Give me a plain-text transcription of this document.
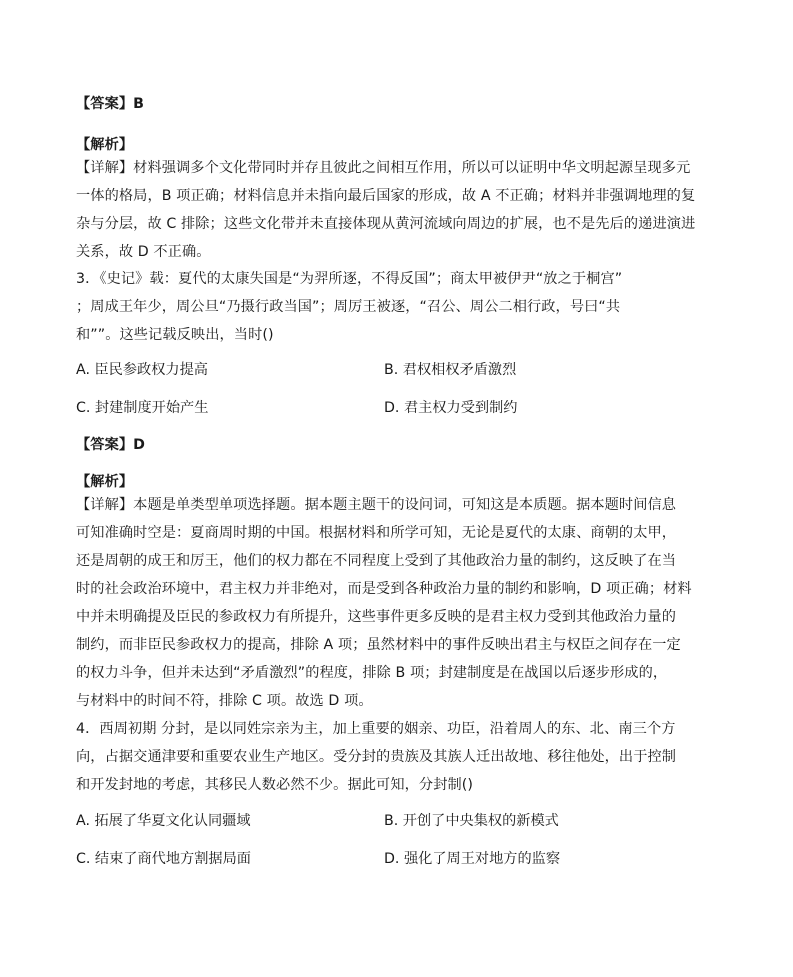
【答案】B
【解析】
【详解】材料强调多个文化带同时并存且彼此之间相互作用，所以可以证明中华文明起源呈现多元
一体的格局，B 项正确；材料信息并未指向最后国家的形成，故 A 不正确；材料并非强调地理的复
杂与分层，故 C 排除；这些文化带并未直接体现从黄河流域向周边的扩展，也不是先后的递进演进
关系，故 D 不正确。
3．《史记》载：夏代的太康失国是“为羿所逐，不得反国”；商太甲被伊尹“放之于桐宫”
；周成王年少，周公旦“乃摄行政当国”；周厉王被逐，“召公、周公二相行政，号曰“共
和””。这些记载反映出，当时()
A. 臣民参政权力提高	B. 君权相权矛盾激烈
C. 封建制度开始产生	D. 君主权力受到制约
【答案】D
【解析】
【详解】本题是单类型单项选择题。据本题主题干的设问词，可知这是本质题。据本题时间信息
可知准确时空是：夏商周时期的中国。根据材料和所学可知，无论是夏代的太康、商朝的太甲，
还是周朝的成王和厉王，他们的权力都在不同程度上受到了其他政治力量的制约，这反映了在当
时的社会政治环境中，君主权力并非绝对，而是受到各种政治力量的制约和影响，D 项正确；材料
中并未明确提及臣民的参政权力有所提升，这些事件更多反映的是君主权力受到其他政治力量的
制约，而非臣民参政权力的提高，排除 A 项；虽然材料中的事件反映出君主与权臣之间存在一定
的权力斗争，但并未达到“矛盾激烈”的程度，排除 B 项；封建制度是在战国以后逐步形成的，
与材料中的时间不符，排除 C 项。故选 D 项。
4．西周初期 分封，是以同姓宗亲为主，加上重要的姻亲、功臣，沿着周人的东、北、南三个方
向，占据交通津要和重要农业生产地区。受分封的贵族及其族人迁出故地、移往他处，出于控制
和开发封地的考虑，其移民人数必然不少。据此可知，分封制()
A. 拓展了华夏文化认同疆域	B. 开创了中央集权的新模式
C. 结束了商代地方割据局面	D. 强化了周王对地方的监察
